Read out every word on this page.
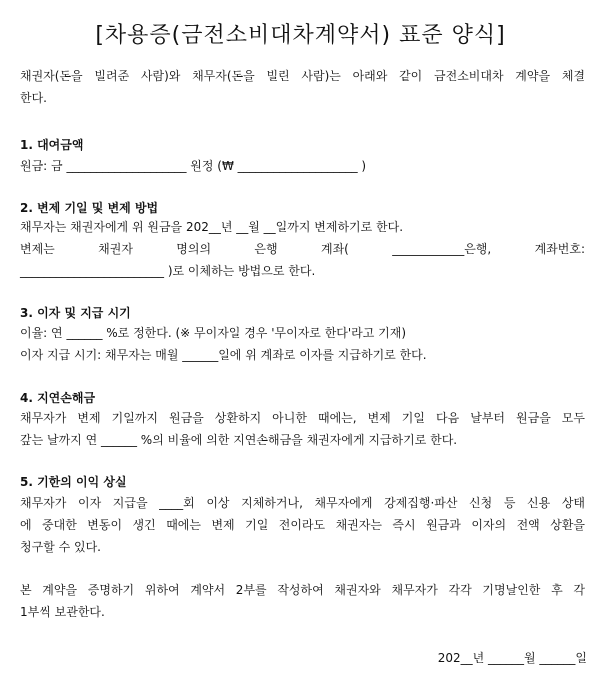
[차용증(금전소비대차계약서) 표준 양식]
채권자(돈을 빌려준 사람)와 채무자(돈을 빌린 사람)는 아래와 같이 금전소비대차 계약을 체결
한다.
1. 대여금액
원금: 금 ____________________ 원정 (₩ ____________________ )
2. 변제 기일 및 변제 방법
채무자는 채권자에게 위 원금을 202__년 __월 __일까지 변제하기로 한다.
변제는 채권자 명의의 은행 계좌( ____________은행, 계좌번호:
________________________ )로 이체하는 방법으로 한다.
3. 이자 및 지급 시기
이율: 연 ______ %로 정한다. (※ 무이자일 경우 '무이자로 한다'라고 기재)
이자 지급 시기: 채무자는 매월 ______일에 위 계좌로 이자를 지급하기로 한다.
4. 지연손해금
채무자가 변제 기일까지 원금을 상환하지 아니한 때에는, 변제 기일 다음 날부터 원금을 모두
갚는 날까지 연 ______ %의 비율에 의한 지연손해금을 채권자에게 지급하기로 한다.
5. 기한의 이익 상실
채무자가 이자 지급을 ____회 이상 지체하거나, 채무자에게 강제집행·파산 신청 등 신용 상태
에 중대한 변동이 생긴 때에는 변제 기일 전이라도 채권자는 즉시 원금과 이자의 전액 상환을
청구할 수 있다.
본 계약을 증명하기 위하여 계약서 2부를 작성하여 채권자와 채무자가 각각 기명날인한 후 각
1부씩 보관한다.
202__년 ______월 ______일
